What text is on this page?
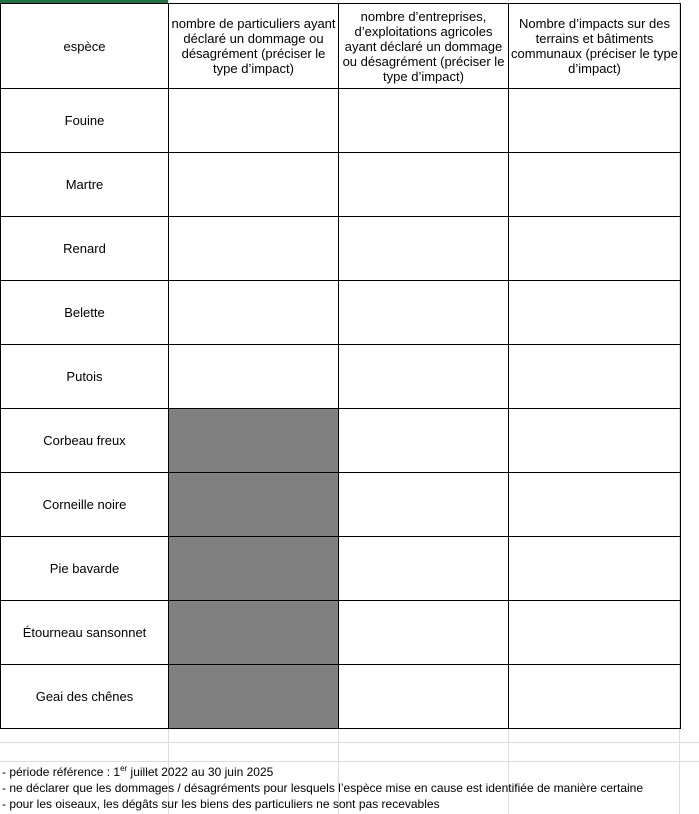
espèce	nombre de particuliers ayant déclaré un dommage ou désagrément (préciser le type d’impact)	nombre d’entreprises, d’exploitations agricoles ayant déclaré un dommage ou désagrément (préciser le type d’impact)	Nombre d’impacts sur des terrains et bâtiments communaux (préciser le type d’impact)
Fouine			
Martre			
Renard			
Belette			
Putois			
Corbeau freux			
Corneille noire			
Pie bavarde			
Étourneau sansonnet			
Geai des chênes			
- période référence : 1er juillet 2022 au 30 juin 2025
- ne déclarer que les dommages / désagréments pour lesquels l’espèce mise en cause est identifiée de manière certaine
- pour les oiseaux, les dégâts sur les biens des particuliers ne sont pas recevables
